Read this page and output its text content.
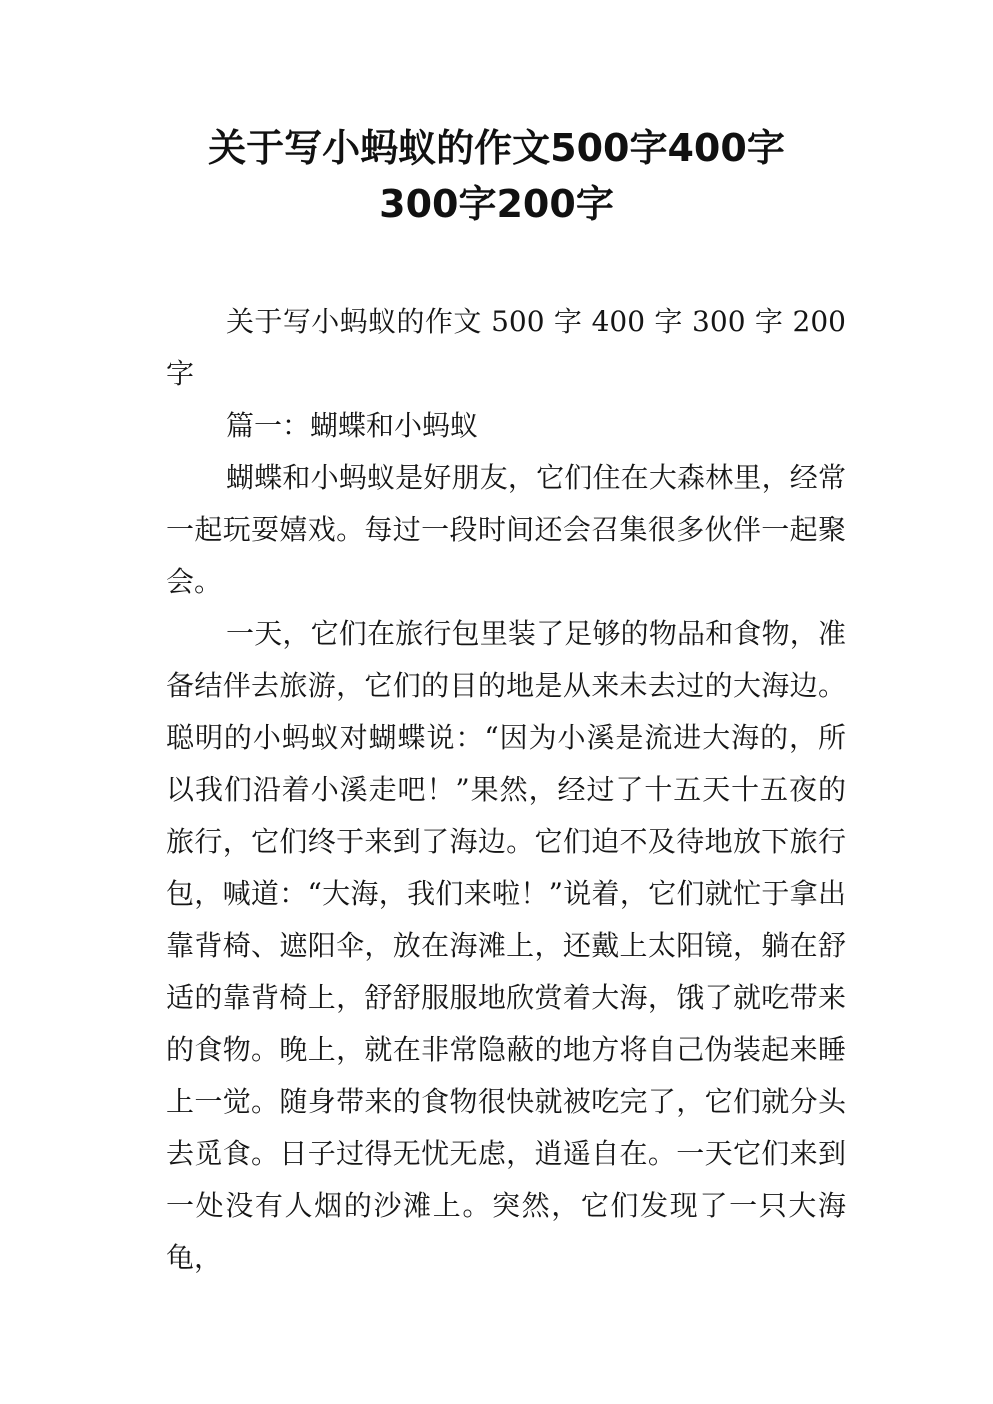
关于写小蚂蚁的作文500字400字
300字200字

关于写小蚂蚁的作文 500 字 400 字 300 字 200 字

篇一：蝴蝶和小蚂蚁

蝴蝶和小蚂蚁是好朋友，它们住在大森林里，经常一起玩耍嬉戏。每过一段时间还会召集很多伙伴一起聚会。

一天，它们在旅行包里装了足够的物品和食物，准备结伴去旅游，它们的目的地是从来未去过的大海边。聪明的小蚂蚁对蝴蝶说：“因为小溪是流进大海的，所以我们沿着小溪走吧！”果然，经过了十五天十五夜的旅行，它们终于来到了海边。它们迫不及待地放下旅行包，喊道：“大海，我们来啦！”说着，它们就忙于拿出靠背椅、遮阳伞，放在海滩上，还戴上太阳镜，躺在舒适的靠背椅上，舒舒服服地欣赏着大海，饿了就吃带来的食物。晚上，就在非常隐蔽的地方将自己伪装起来睡上一觉。随身带来的食物很快就被吃完了，它们就分头去觅食。日子过得无忧无虑，逍遥自在。一天它们来到一处没有人烟的沙滩上。突然，它们发现了一只大海龟，
